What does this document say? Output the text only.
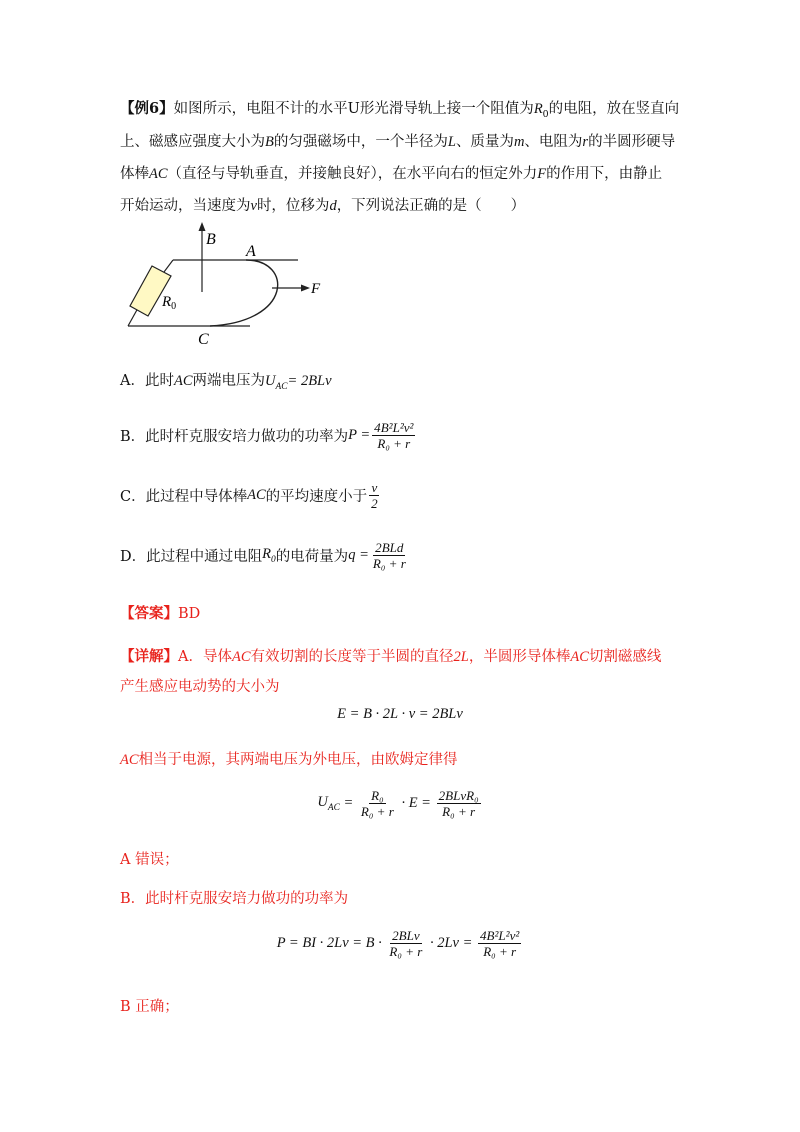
【例6】如图所示，电阻不计的水平U形光滑导轨上接一个阻值为$R_0$的电阻，放在竖直向
上、磁感应强度大小为B的匀强磁场中，一个半径为L、质量为m、电阻为r的半圆形硬导
体棒AC（直径与导轨垂直，并接触良好），在水平向右的恒定外力F的作用下，由静止
开始运动，当速度为v时，位移为d，下列说法正确的是（　　）
B
A
F
$R_0$
C
A．此时AC两端电压为$U_{AC}= 2BLv$
B．此时杆克服安培力做功的功率为$P = \frac{\text{4B²L²v²}}{\text{R₀ + r}}$
C．此过程中导体棒AC的平均速度小于 $\frac{v}{2}$
D．此过程中通过电阻$R_0$的电荷量为$q = \frac{\text{2BLd}}{\text{R₀ + r}}$
【答案】BD
【详解】A．导体AC有效切割的长度等于半圆的直径2L，半圆形导体棒AC切割磁感线
产生感应电动势的大小为
E = B · 2L · v = 2BLv
AC相当于电源，其两端电压为外电压，由欧姆定律得
$U_{AC} = \frac{\text{R₀}}{\text{R₀ + r}} \cdot E = \frac{\text{2BLvR₀}}{\text{R₀ + r}}$
A 错误；
B．此时杆克服安培力做功的功率为
P = BI · $2Lv = B \cdot \frac{\text{2BLv}}{\text{R₀ + r}} \cdot 2Lv = \frac{\text{4B²L²v²}}{\text{R₀ + r}}$
B 正确；
